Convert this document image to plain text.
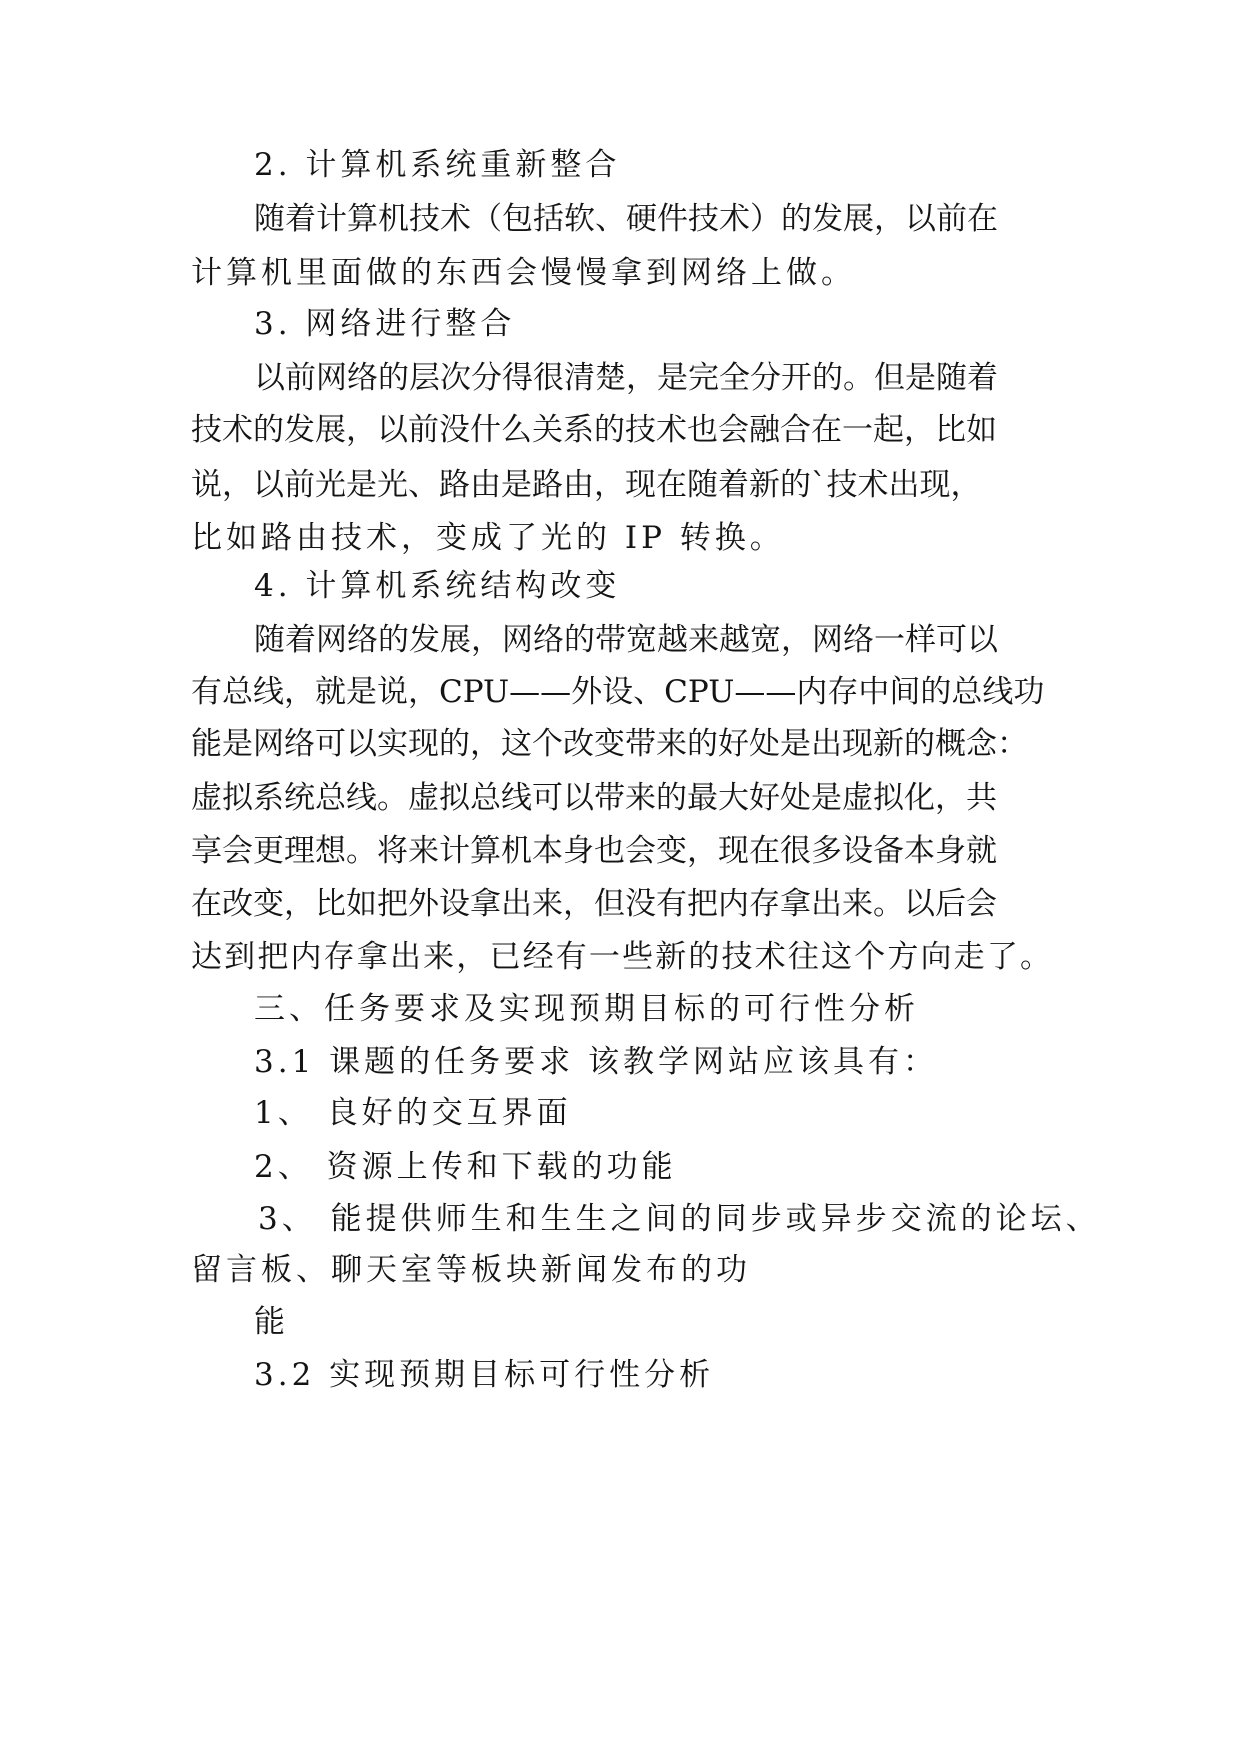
2. 计算机系统重新整合
随着计算机技术（包括软、硬件技术）的发展，以前在
计算机里面做的东西会慢慢拿到网络上做。
3. 网络进行整合
以前网络的层次分得很清楚，是完全分开的。但是随着
技术的发展，以前没什么关系的技术也会融合在一起，比如
说，以前光是光、路由是路由，现在随着新的`技术出现，
比如路由技术，变成了光的 IP 转换。
4. 计算机系统结构改变
随着网络的发展，网络的带宽越来越宽，网络一样可以
有总线，就是说，CPU——外设、CPU——内存中间的总线功
能是网络可以实现的，这个改变带来的好处是出现新的概念：
虚拟系统总线。虚拟总线可以带来的最大好处是虚拟化，共
享会更理想。将来计算机本身也会变，现在很多设备本身就
在改变，比如把外设拿出来，但没有把内存拿出来。以后会
达到把内存拿出来，已经有一些新的技术往这个方向走了。
三、任务要求及实现预期目标的可行性分析
3.1 课题的任务要求 该教学网站应该具有：
1、 良好的交互界面
2、 资源上传和下载的功能
3、 能提供师生和生生之间的同步或异步交流的论坛、
留言板、聊天室等板块新闻发布的功
能
3.2 实现预期目标可行性分析
